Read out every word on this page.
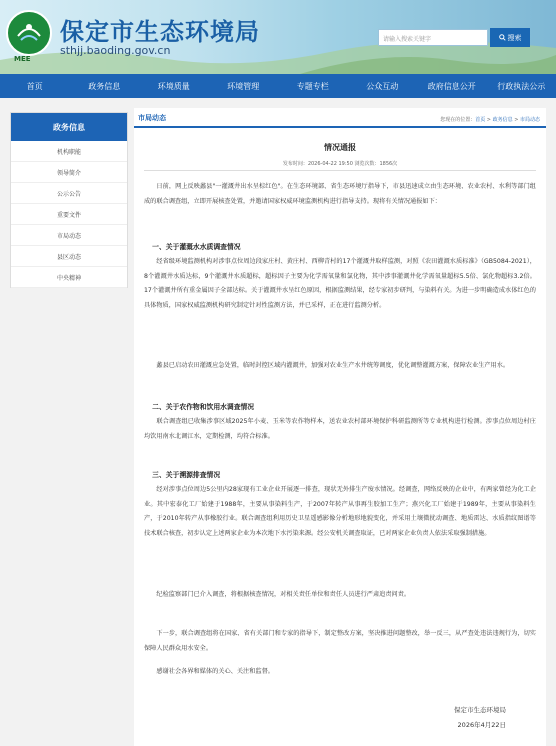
MEE
保定市生态环境局
sthjj.baoding.gov.cn
请输入搜索关键字	搜索
首页	政务信息	环境质量	环境管理	专题专栏	公众互动	政府信息公开	行政执法公示
政务信息
机构职能
领导简介
公示公告
重要文件
市局动态
县区动态
中央精神
市局动态	您现在的位置：首页 > 政务信息 > 市局动态
情况通报
发布时间：2026-04-22 19:50 浏览次数：1856次
日前，网上反映蠡县"一灌溉井出水呈棕红色"。在生态环境部、省生态环境厅指导下，市县迅速成立由生态环境、农业农村、水利等部门组成的联合调查组，立即开展核查处置，并邀请国家权威环境监测机构进行指导支持。现将有关情况通报如下：
一、关于灌溉水水质调查情况
经省级环境监测机构对涉事点位周边段家庄村、黄庄村、西柳青村的17个灌溉井取样监测，对照《农田灌溉水质标准》（GB5084-2021），8个灌溉井水质达标，9个灌溉井水质超标，超标因子主要为化学需氧量和氯化物，其中涉事灌溉井化学需氧量超标5.5倍、氯化物超标3.2倍。17个灌溉井所有重金属因子全部达标。关于灌溉井水呈红色原因，根据监测结果，经专家初步研判，与染料有关。为进一步明确造成水体红色的具体物质，国家权威监测机构研究制定针对性监测方法，并已采样，正在进行监测分析。
蠡县已启动农田灌溉应急处置，临时封控区域内灌溉井，加强对农业生产水井统筹调度，优化调整灌溉方案，保障农业生产用水。
二、关于农作物和饮用水调查情况
联合调查组已收集涉事区域2025年小麦、玉米等农作物样本，送农业农村部环境保护科研监测所等专业机构进行检测。涉事点位周边村庄均饮用南水北调江水，定期检测，均符合标准。
三、关于溯源排查情况
经对涉事点位周边5公里内28家现有工业企业开展逐一排查，现状无外排生产废水情况。经调查，网络反映的企业中，有两家曾经为化工企业。其中宏泰化工厂始建于1988年，主要从事染料生产，于2007年转产从事再生胶加工生产；燕兴化工厂始建于1989年，主要从事染料生产，于2010年转产从事橡胶行业。联合调查组利用历史卫星遥感影像分析地形地貌变化，并采用土壤微扰动调查、地质雷达、水质指纹图谱等技术联合核查，初步认定上述两家企业为本次地下水污染来源。经公安机关调查取证，已对两家企业负责人依法采取强制措施。
纪检监察部门已介入调查，将根据核查情况，对相关责任单位和责任人员进行严肃追责问责。
下一步，联合调查组将在国家、省有关部门和专家的指导下，制定整改方案，坚决推进问题整改，举一反三，从严查处违法违规行为，切实保障人民群众用水安全。
感谢社会各界和媒体的关心、关注和监督。
保定市生态环境局
2026年4月22日
